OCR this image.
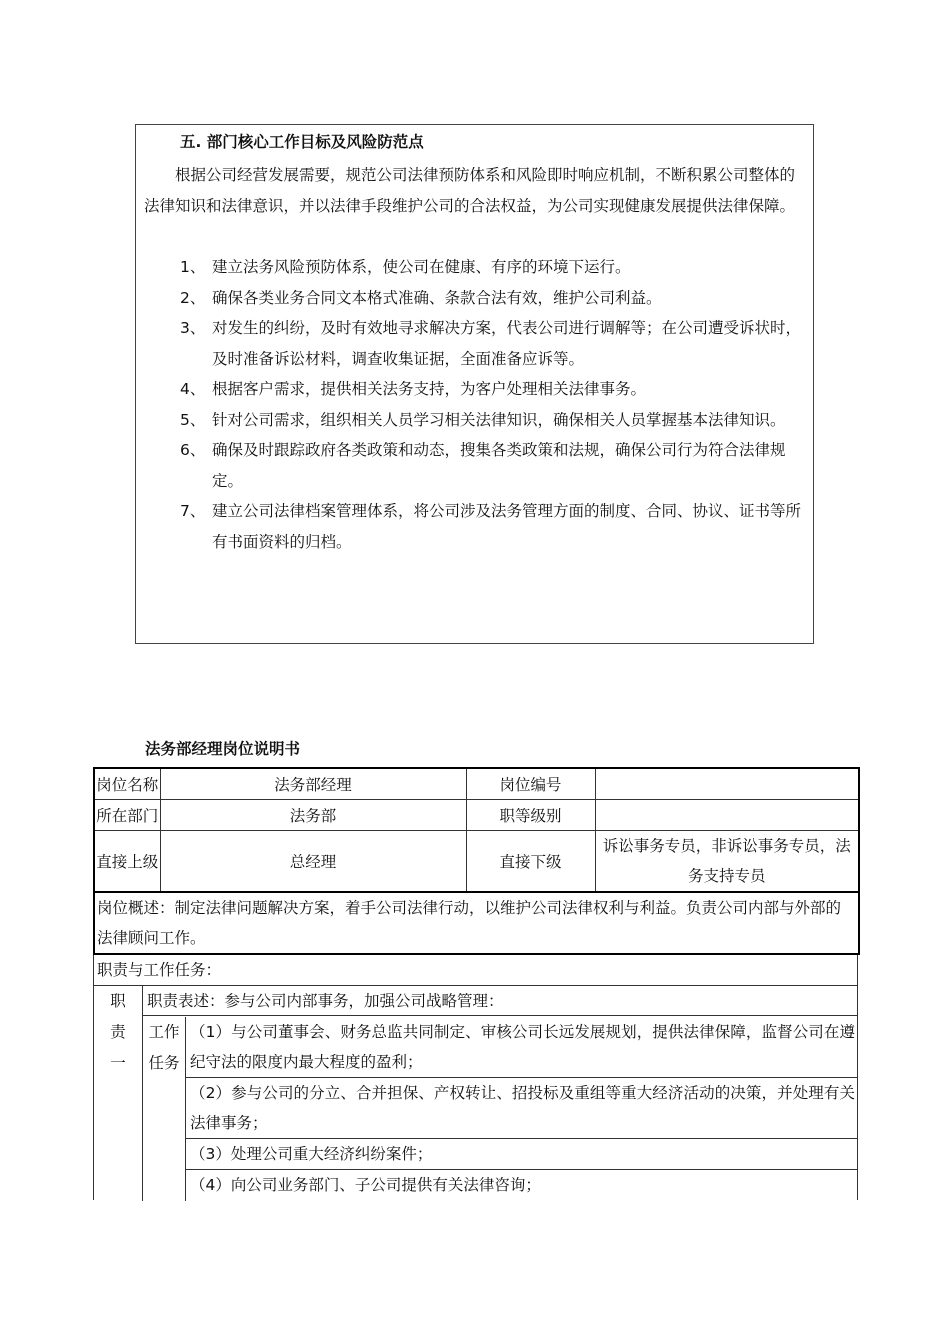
五. 部门核心工作目标及风险防范点
根据公司经营发展需要，规范公司法律预防体系和风险即时响应机制，不断积累公司整体的法律知识和法律意识，并以法律手段维护公司的合法权益，为公司实现健康发展提供法律保障。
1、 建立法务风险预防体系，使公司在健康、有序的环境下运行。
2、 确保各类业务合同文本格式准确、条款合法有效，维护公司利益。
3、 对发生的纠纷，及时有效地寻求解决方案，代表公司进行调解等；在公司遭受诉状时，及时准备诉讼材料，调查收集证据，全面准备应诉等。
4、 根据客户需求，提供相关法务支持，为客户处理相关法律事务。
5、 针对公司需求，组织相关人员学习相关法律知识，确保相关人员掌握基本法律知识。
6、 确保及时跟踪政府各类政策和动态，搜集各类政策和法规，确保公司行为符合法律规定。
7、 建立公司法律档案管理体系，将公司涉及法务管理方面的制度、合同、协议、证书等所有书面资料的归档。
法务部经理岗位说明书
岗位名称	法务部经理	岗位编号	
所在部门	法务部	职等级别	
直接上级	总经理	直接下级	诉讼事务专员，非诉讼事务专员，法务支持专员
岗位概述：制定法律问题解决方案，着手公司法律行动，以维护公司法律权利与利益。负责公司内部与外部的法律顾问工作。			
职责与工作任务：
职
责
一
职责表述：参与公司内部事务，加强公司战略管理：
工作
任务
（1）与公司董事会、财务总监共同制定、审核公司长远发展规划，提供法律保障，监督公司在遵纪守法的限度内最大程度的盈利；
（2）参与公司的分立、合并担保、产权转让、招投标及重组等重大经济活动的决策，并处理有关法律事务；
（3）处理公司重大经济纠纷案件；
（4）向公司业务部门、子公司提供有关法律咨询；
